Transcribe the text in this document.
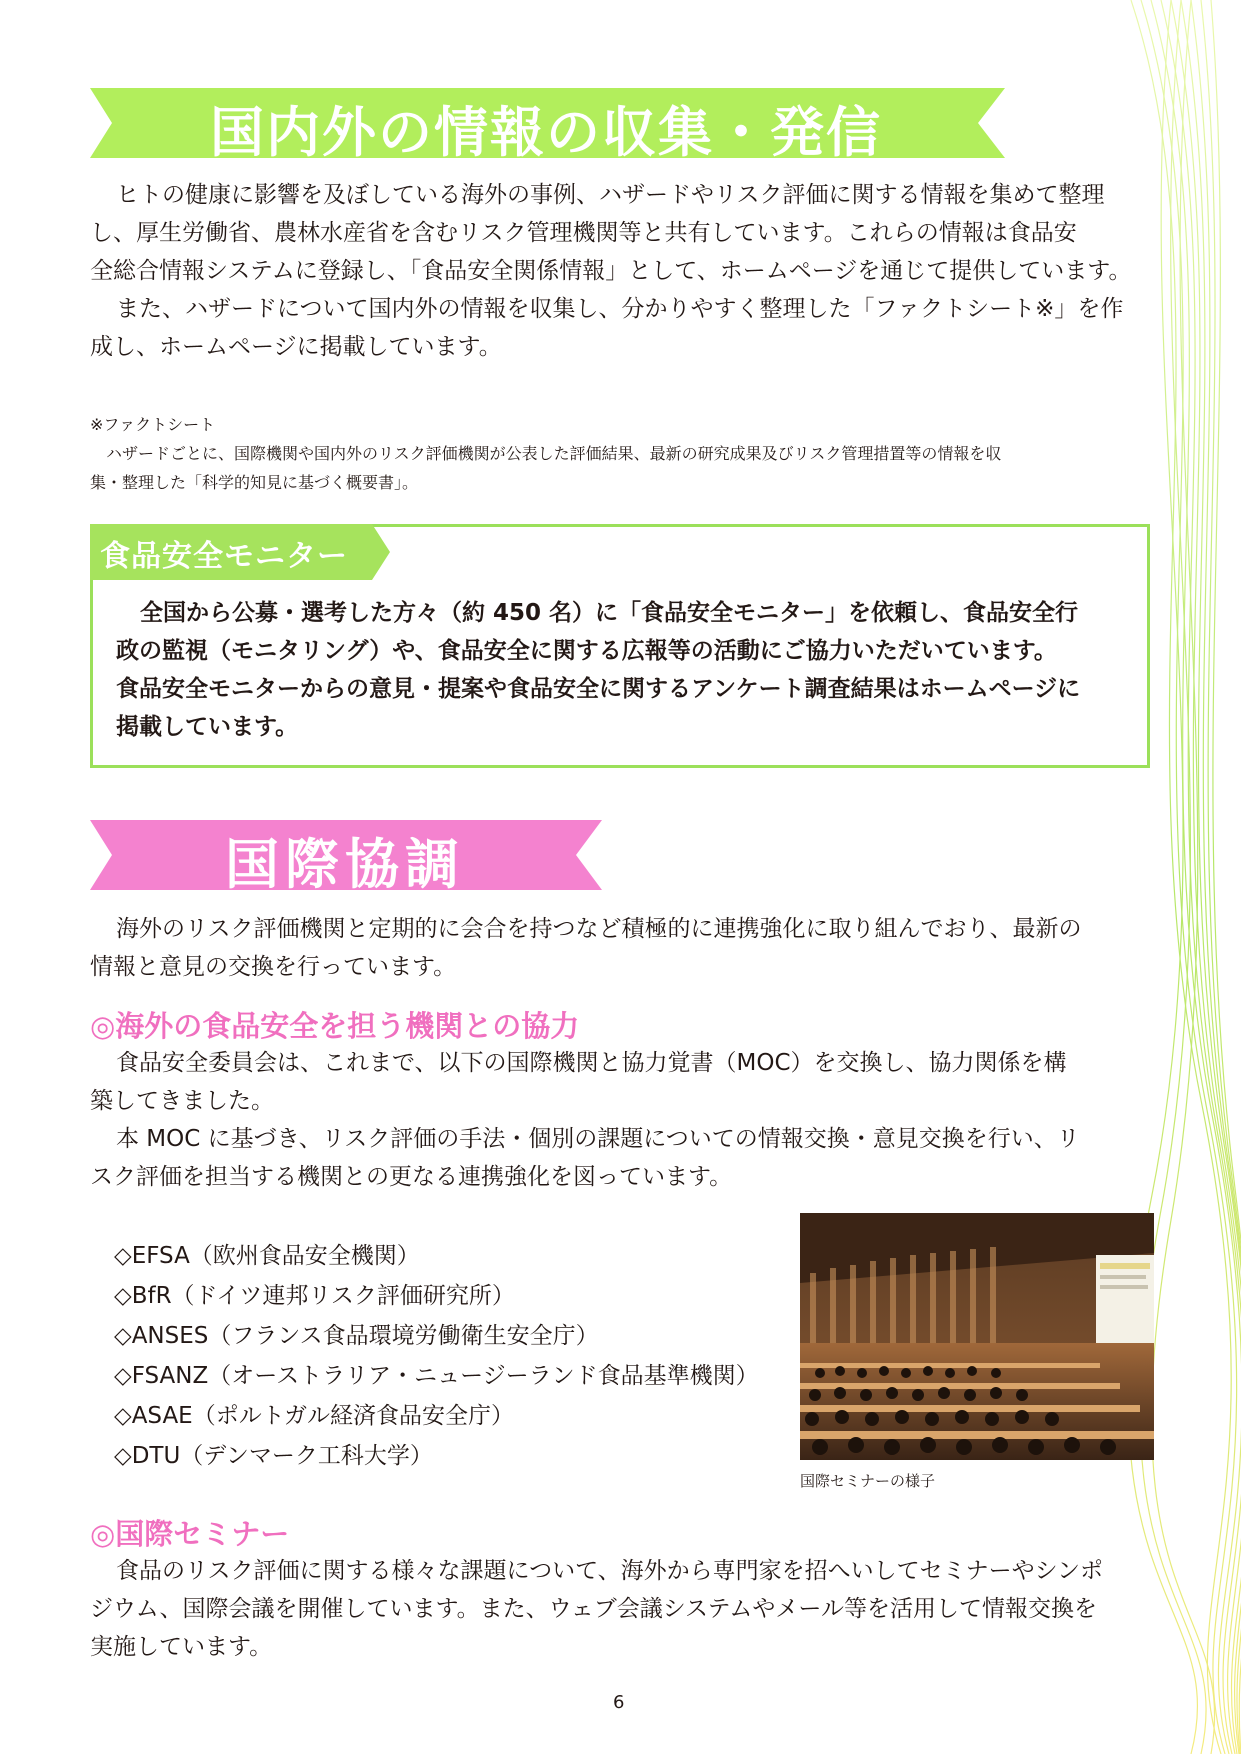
国内外の情報の収集・発信
ヒトの健康に影響を及ぼしている海外の事例、ハザードやリスク評価に関する情報を集めて整理
し、厚生労働省、農林水産省を含むリスク管理機関等と共有しています。これらの情報は食品安
全総合情報システムに登録し、「食品安全関係情報」として、ホームページを通じて提供しています。
また、ハザードについて国内外の情報を収集し、分かりやすく整理した「ファクトシート※」を作
成し、ホームページに掲載しています。
※ファクトシート
ハザードごとに、国際機関や国内外のリスク評価機関が公表した評価結果、最新の研究成果及びリスク管理措置等の情報を収
集・整理した「科学的知見に基づく概要書」。
食品安全モニター
全国から公募・選考した方々（約 450 名）に「食品安全モニター」を依頼し、食品安全行
政の監視（モニタリング）や、食品安全に関する広報等の活動にご協力いただいています。
食品安全モニターからの意見・提案や食品安全に関するアンケート調査結果はホームページに
掲載しています。
国際協調
海外のリスク評価機関と定期的に会合を持つなど積極的に連携強化に取り組んでおり、最新の
情報と意見の交換を行っています。
◎海外の食品安全を担う機関との協力
食品安全委員会は、これまで、以下の国際機関と協力覚書（MOC）を交換し、協力関係を構
築してきました。
本 MOC に基づき、リスク評価の手法・個別の課題についての情報交換・意見交換を行い、リ
スク評価を担当する機関との更なる連携強化を図っています。
◇EFSA（欧州食品安全機関）
◇BfR（ドイツ連邦リスク評価研究所）
◇ANSES（フランス食品環境労働衛生安全庁）
◇FSANZ（オーストラリア・ニュージーランド食品基準機関）
◇ASAE（ポルトガル経済食品安全庁）
◇DTU（デンマーク工科大学）
国際セミナーの様子
◎国際セミナー
食品のリスク評価に関する様々な課題について、海外から専門家を招へいしてセミナーやシンポ
ジウム、国際会議を開催しています。また、ウェブ会議システムやメール等を活用して情報交換を
実施しています。
6
